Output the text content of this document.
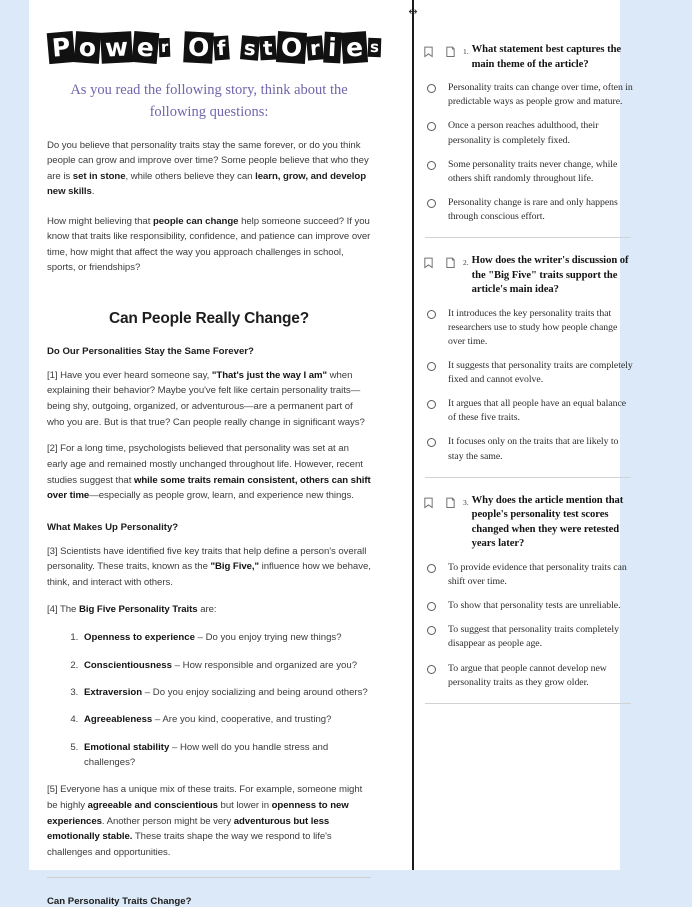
P o w e r O f s t O r i e s
As you read the following story, think about the following questions:

Do you believe that personality traits stay the same forever, or do you think people can grow and improve over time? Some people believe that who they are is set in stone, while others believe they can learn, grow, and develop new skills.

How might believing that people can change help someone succeed? If you know that traits like responsibility, confidence, and patience can improve over time, how might that affect the way you approach challenges in school, sports, or friendships?

Can People Really Change?
Do Our Personalities Stay the Same Forever?

[1] Have you ever heard someone say, "That's just the way I am" when explaining their behavior? Maybe you've felt like certain personality traits—being shy, outgoing, organized, or adventurous—are a permanent part of who you are. But is that true? Can people really change in significant ways?

[2] For a long time, psychologists believed that personality was set at an early age and remained mostly unchanged throughout life. However, recent studies suggest that while some traits remain consistent, others can shift over time—especially as people grow, learn, and experience new things.

What Makes Up Personality?

[3] Scientists have identified five key traits that help define a person's overall personality. These traits, known as the "Big Five," influence how we behave, think, and interact with others.

[4] The Big Five Personality Traits are:

1. Openness to experience – Do you enjoy trying new things?
2. Conscientiousness – How responsible and organized are you?
3. Extraversion – Do you enjoy socializing and being around others?
4. Agreeableness – Are you kind, cooperative, and trusting?
5. Emotional stability – How well do you handle stress and challenges?

[5] Everyone has a unique mix of these traits. For example, someone might be highly agreeable and conscientious but lower in openness to new experiences. Another person might be very adventurous but less emotionally stable. These traits shape the way we respond to life's challenges and opportunities.

Can Personality Traits Change?
↔
1. What statement best captures the main theme of the article?
Personality traits can change over time, often in predictable ways as people grow and mature.
Once a person reaches adulthood, their personality is completely fixed.
Some personality traits never change, while others shift randomly throughout life.
Personality change is rare and only happens through conscious effort.
2. How does the writer's discussion of the "Big Five" traits support the article's main idea?
It introduces the key personality traits that researchers use to study how people change over time.
It suggests that personality traits are completely fixed and cannot evolve.
It argues that all people have an equal balance of these five traits.
It focuses only on the traits that are likely to stay the same.
3. Why does the article mention that people's personality test scores changed when they were retested years later?
To provide evidence that personality traits can shift over time.
To show that personality tests are unreliable.
To suggest that personality traits completely disappear as people age.
To argue that people cannot develop new personality traits as they grow older.
